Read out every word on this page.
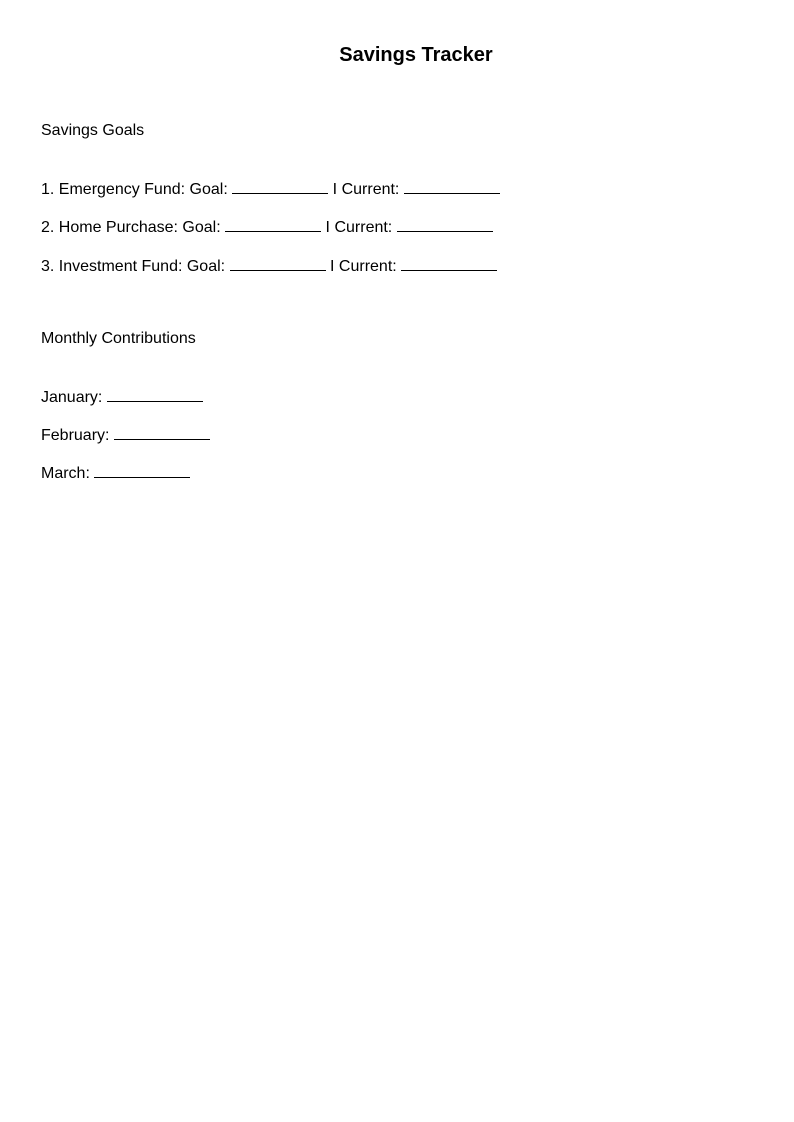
Savings Tracker
Savings Goals
1. Emergency Fund: Goal:	I Current:
2. Home Purchase: Goal:	I Current:
3. Investment Fund: Goal:	I Current:
Monthly Contributions
January:
February:
March:
